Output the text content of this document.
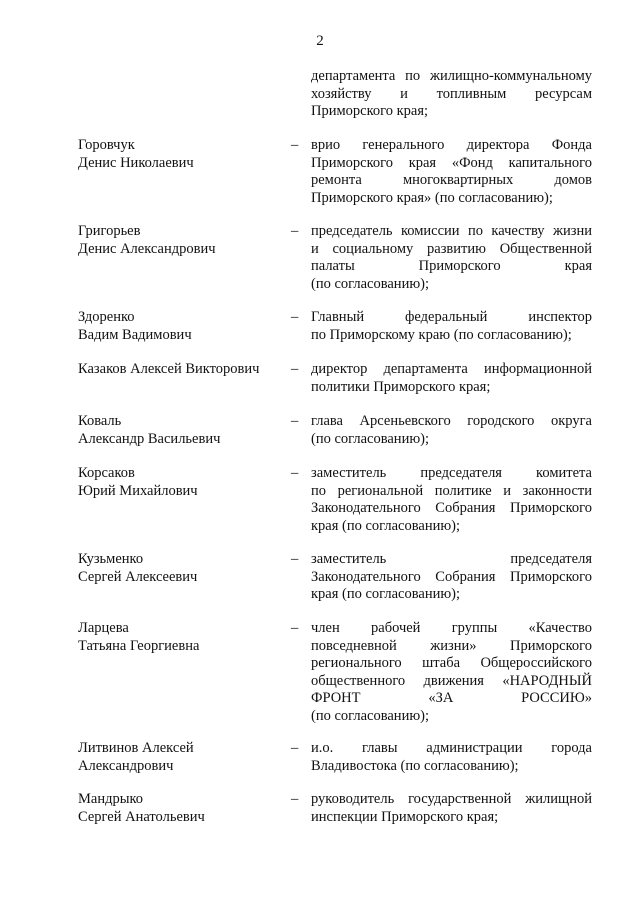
2
департамента по жилищно-коммунальному
хозяйству и топливным ресурсам
Приморского края;
Горовчук
Денис Николаевич
– врио генерального директора Фонда
Приморского края «Фонд капитального
ремонта многоквартирных домов
Приморского края» (по согласованию);
Григорьев
Денис Александрович
– председатель комиссии по качеству жизни
и социальному развитию Общественной
палаты Приморского края
(по согласованию);
Здоренко
Вадим Вадимович
– Главный федеральный инспектор
по Приморскому краю (по согласованию);
Казаков Алексей Викторович	– директор департамента информационной
политики Приморского края;
Коваль
Александр Васильевич
– глава Арсеньевского городского округа
(по согласованию);
Корсаков
Юрий Михайлович
– заместитель председателя комитета
по региональной политике и законности
Законодательного Собрания Приморского
края (по согласованию);
Кузьменко
Сергей Алексеевич
– заместитель председателя
Законодательного Собрания Приморского
края (по согласованию);
Ларцева
Татьяна Георгиевна
– член рабочей группы «Качество
повседневной жизни» Приморского
регионального штаба Общероссийского
общественного движения «НАРОДНЫЙ
ФРОНТ «ЗА РОССИЮ»
(по согласованию);
Литвинов Алексей
Александрович
– и.о. главы администрации города
Владивостока (по согласованию);
Мандрыко
Сергей Анатольевич
– руководитель государственной жилищной
инспекции Приморского края;
